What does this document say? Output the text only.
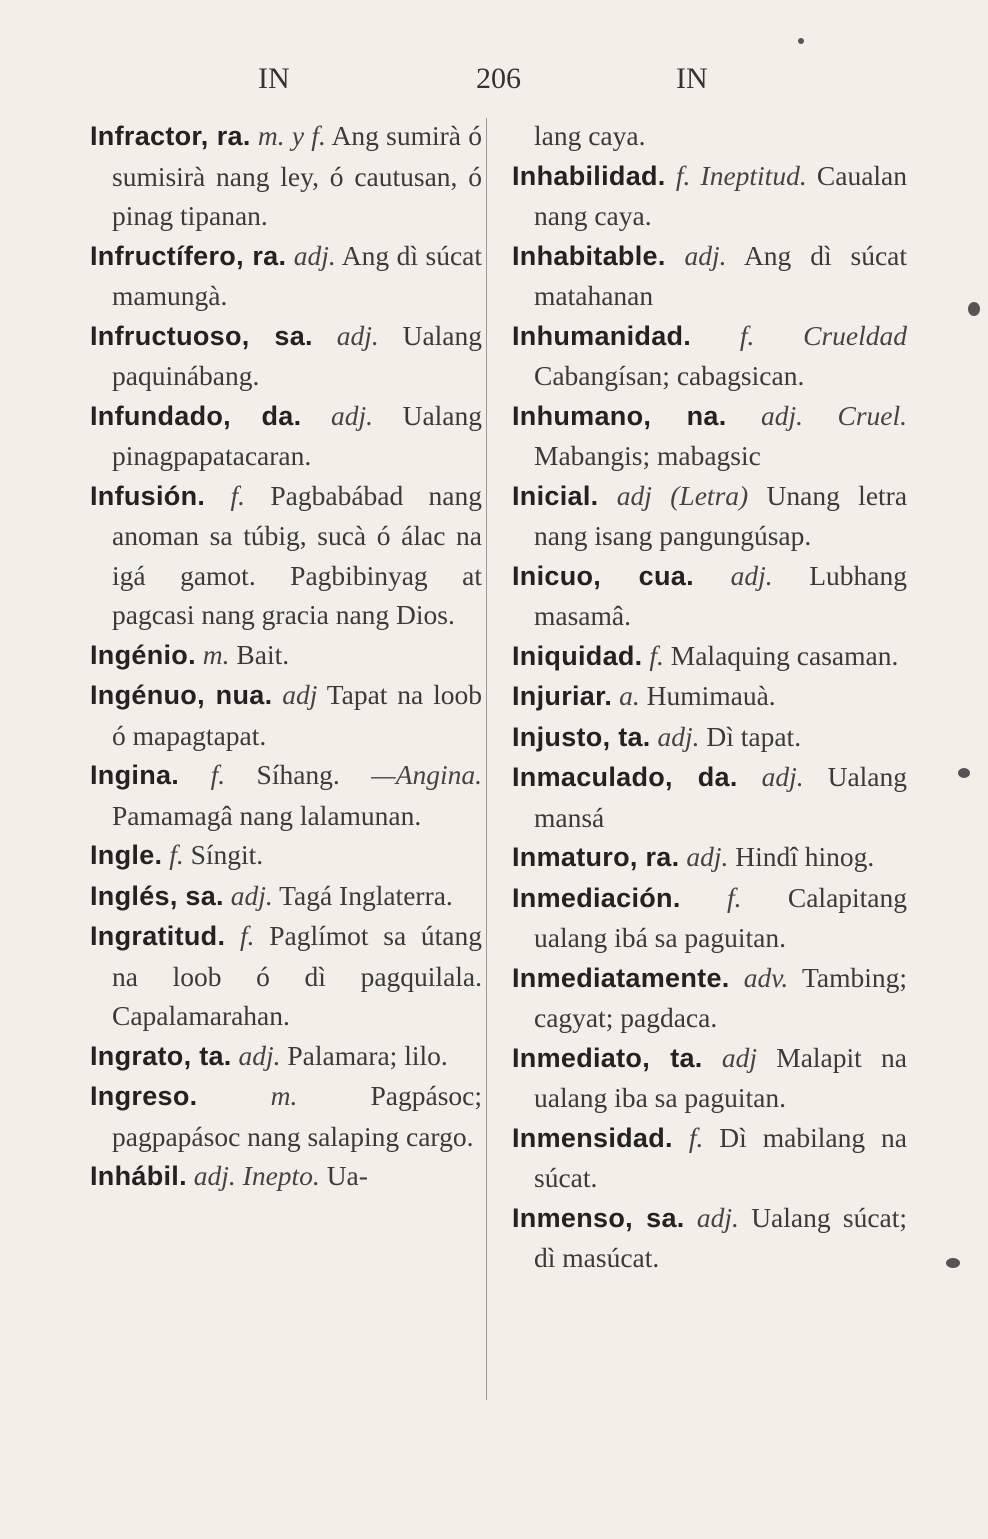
IN	206	IN

Infractor, ra. m. y f. Ang sumirà ó sumisirà nang ley, ó cautusan, ó pinag tipanan.

Infructífero, ra. adj. Ang dì súcat mamungà.

Infructuoso, sa. adj. Ualang paquinábang.

Infundado, da. adj. Ualang pinagpapatacaran.

Infusión. f. Pagbabábad nang anoman sa túbig, sucà ó álac na igá gamot. Pagbibinyag at pagcasi nang gracia nang Dios.

Ingénio. m. Bait.

Ingénuo, nua. adj Tapat na loob ó mapagtapat.

Ingina. f. Síhang. —Angina. Pamamagâ nang lalamunan.

Ingle. f. Síngit.

Inglés, sa. adj. Tagá Inglaterra.

Ingratitud. f. Paglímot sa útang na loob ó dì pagquilala. Capalamarahan.

Ingrato, ta. adj. Palamara; lilo.

Ingreso.	m.	Pagpásoc; pagpapásoc nang salaping cargo.

Inhábil. adj. Inepto. Ua-

lang caya.

Inhabilidad. f. Ineptitud. Caualan nang caya.

Inhabitable. adj. Ang dì súcat matahanan

Inhumanidad. f. Crueldad Cabangísan; cabagsican.

Inhumano, na. adj. Cruel. Mabangis; mabagsic

Inicial. adj (Letra) Unang letra nang isang pangungúsap.

Inicuo, cua. adj. Lubhang masamâ.

Iniquidad. f. Malaquing casaman.

Injuriar. a. Humimauà.

Injusto, ta. adj. Dì tapat.

Inmaculado, da. adj. Ualang mansá

Inmaturo, ra. adj. Hindî hinog.

Inmediación. f. Calapitang ualang ibá sa paguitan.

Inmediatamente. adv. Tambing; cagyat; pagdaca.

Inmediato, ta. adj Malapit na ualang iba sa paguitan.

Inmensidad. f. Dì mabilang na súcat.

Inmenso, sa. adj. Ualang súcat; dì masúcat.
